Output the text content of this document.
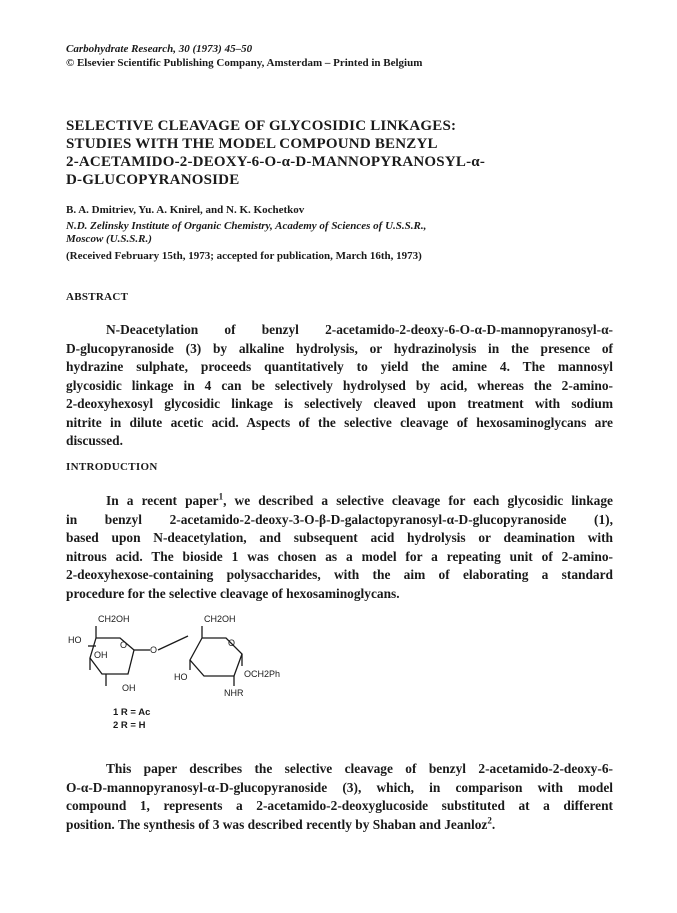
Carbohydrate Research, 30 (1973) 45–50
© Elsevier Scientific Publishing Company, Amsterdam – Printed in Belgium
SELECTIVE CLEAVAGE OF GLYCOSIDIC LINKAGES:
STUDIES WITH THE MODEL COMPOUND BENZYL
2-ACETAMIDO-2-DEOXY-6-O-α-D-MANNOPYRANOSYL-α-
D-GLUCOPYRANOSIDE
B. A. Dmitriev, Yu. A. Knirel, and N. K. Kochetkov
N.D. Zelinsky Institute of Organic Chemistry, Academy of Sciences of U.S.S.R.,
Moscow (U.S.S.R.)
(Received February 15th, 1973; accepted for publication, March 16th, 1973)
ABSTRACT
N-Deacetylation of benzyl 2-acetamido-2-deoxy-6-O-α-D-mannopyranosyl-α-
D-glucopyranoside (3) by alkaline hydrolysis, or hydrazinolysis in the presence of
hydrazine sulphate, proceeds quantitatively to yield the amine 4. The mannosyl
glycosidic linkage in 4 can be selectively hydrolysed by acid, whereas the 2-amino-
2-deoxyhexosyl glycosidic linkage is selectively cleaved upon treatment with sodium
nitrite in dilute acetic acid. Aspects of the selective cleavage of hexosaminoglycans are
discussed.
INTRODUCTION
In a recent paper$^1$, we described a selective cleavage for each glycosidic linkage
in benzyl 2-acetamido-2-deoxy-3-O-β-D-galactopyranosyl-α-D-glucopyranoside (1),
based upon N-deacetylation, and subsequent acid hydrolysis or deamination with
nitrous acid. The bioside 1 was chosen as a model for a repeating unit of 2-amino-
2-deoxyhexose-containing polysaccharides, with the aim of elaborating a standard
procedure for the selective cleavage of hexosaminoglycans.
CH2OH
HO	O
OH	O
OH
CH2OH
O
HO	OCH2Ph
NHR
1 R = Ac
2 R = H
This paper describes the selective cleavage of benzyl 2-acetamido-2-deoxy-6-
O-α-D-mannopyranosyl-α-D-glucopyranoside (3), which, in comparison with model
compound 1, represents a 2-acetamido-2-deoxyglucoside substituted at a different
position. The synthesis of 3 was described recently by Shaban and Jeanloz$^2$.
